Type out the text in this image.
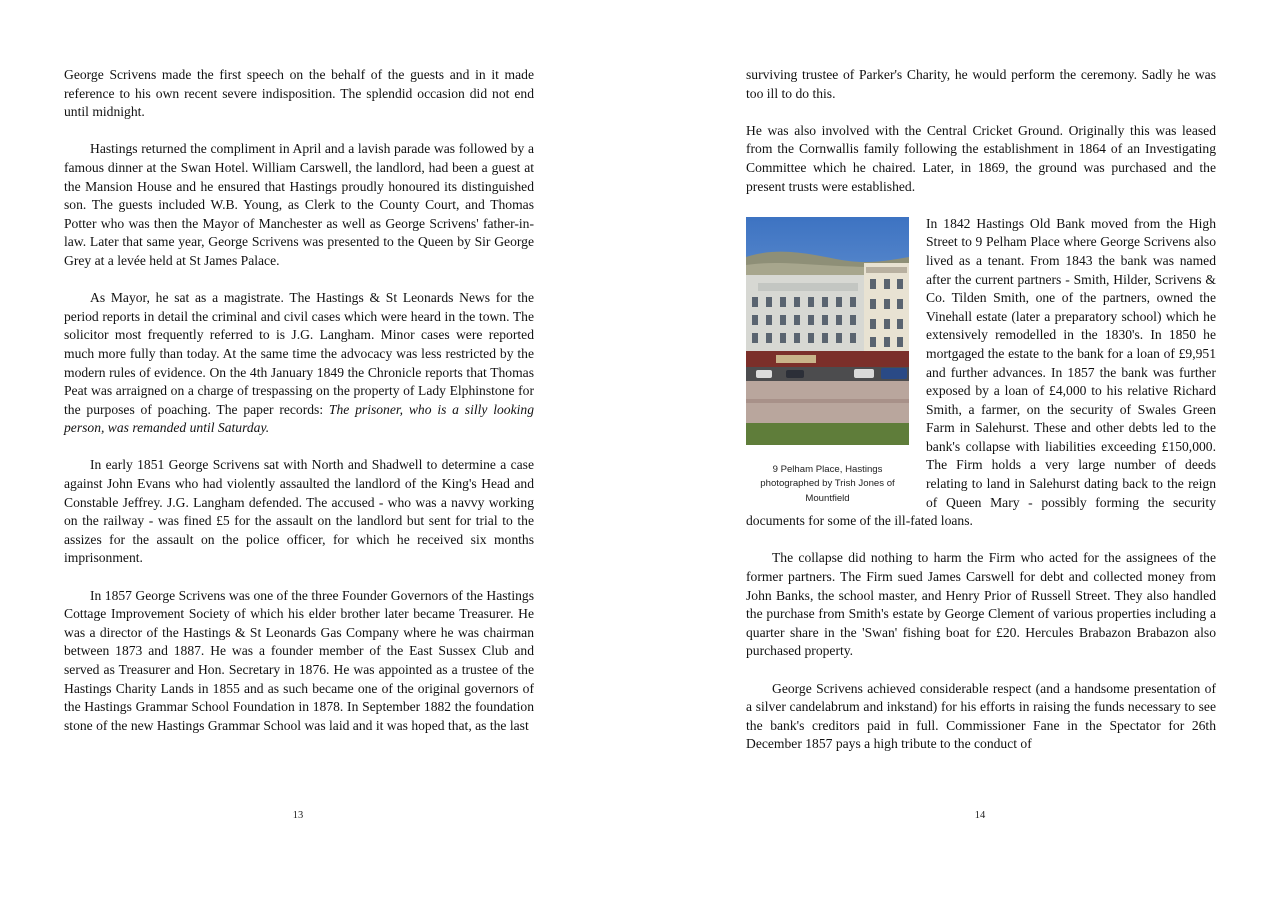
George Scrivens made the first speech on the behalf of the guests and in it made reference to his own recent severe indisposition. The splendid occasion did not end until midnight.

Hastings returned the compliment in April and a lavish parade was followed by a famous dinner at the Swan Hotel. William Carswell, the landlord, had been a guest at the Mansion House and he ensured that Hastings proudly honoured its distinguished son. The guests included W.B. Young, as Clerk to the County Court, and Thomas Potter who was then the Mayor of Manchester as well as George Scrivens' father-in-law. Later that same year, George Scrivens was presented to the Queen by Sir George Grey at a levée held at St James Palace.

As Mayor, he sat as a magistrate. The Hastings & St Leonards News for the period reports in detail the criminal and civil cases which were heard in the town. The solicitor most frequently referred to is J.G. Langham. Minor cases were reported much more fully than today. At the same time the advocacy was less restricted by the modern rules of evidence. On the 4th January 1849 the Chronicle reports that Thomas Peat was arraigned on a charge of trespassing on the property of Lady Elphinstone for the purposes of poaching. The paper records: The prisoner, who is a silly looking person, was remanded until Saturday.

In early 1851 George Scrivens sat with North and Shadwell to determine a case against John Evans who had violently assaulted the landlord of the King's Head and Constable Jeffrey. J.G. Langham defended. The accused - who was a navvy working on the railway - was fined £5 for the assault on the landlord but sent for trial to the assizes for the assault on the police officer, for which he received six months imprisonment.

In 1857 George Scrivens was one of the three Founder Governors of the Hastings Cottage Improvement Society of which his elder brother later became Treasurer. He was a director of the Hastings & St Leonards Gas Company where he was chairman between 1873 and 1887. He was a founder member of the East Sussex Club and served as Treasurer and Hon. Secretary in 1876. He was appointed as a trustee of the Hastings Charity Lands in 1855 and as such became one of the original governors of the Hastings Grammar School Foundation in 1878. In September 1882 the foundation stone of the new Hastings Grammar School was laid and it was hoped that, as the last

13

surviving trustee of Parker's Charity, he would perform the ceremony. Sadly he was too ill to do this.

He was also involved with the Central Cricket Ground. Originally this was leased from the Cornwallis family following the establishment in 1864 of an Investigating Committee which he chaired. Later, in 1869, the ground was purchased and the present trusts were established.

9 Pelham Place, Hastings photographed by Trish Jones of Mountfield

In 1842 Hastings Old Bank moved from the High Street to 9 Pelham Place where George Scrivens also lived as a tenant. From 1843 the bank was named after the current partners - Smith, Hilder, Scrivens & Co. Tilden Smith, one of the partners, owned the Vinehall estate (later a preparatory school) which he extensively remodelled in the 1830's. In 1850 he mortgaged the estate to the bank for a loan of £9,951 and further advances. In 1857 the bank was further exposed by a loan of £4,000 to his relative Richard Smith, a farmer, on the security of Swales Green Farm in Salehurst. These and other debts led to the bank's collapse with liabilities exceeding £150,000. The Firm holds a very large number of deeds relating to land in Salehurst dating back to the reign of Queen Mary - possibly forming the security documents for some of the ill-fated loans.

The collapse did nothing to harm the Firm who acted for the assignees of the former partners. The Firm sued James Carswell for debt and collected money from John Banks, the school master, and Henry Prior of Russell Street. They also handled the purchase from Smith's estate by George Clement of various properties including a quarter share in the 'Swan' fishing boat for £20. Hercules Brabazon Brabazon also purchased property.

George Scrivens achieved considerable respect (and a handsome presentation of a silver candelabrum and inkstand) for his efforts in raising the funds necessary to see the bank's creditors paid in full. Commissioner Fane in the Spectator for 26th December 1857 pays a high tribute to the conduct of

14
